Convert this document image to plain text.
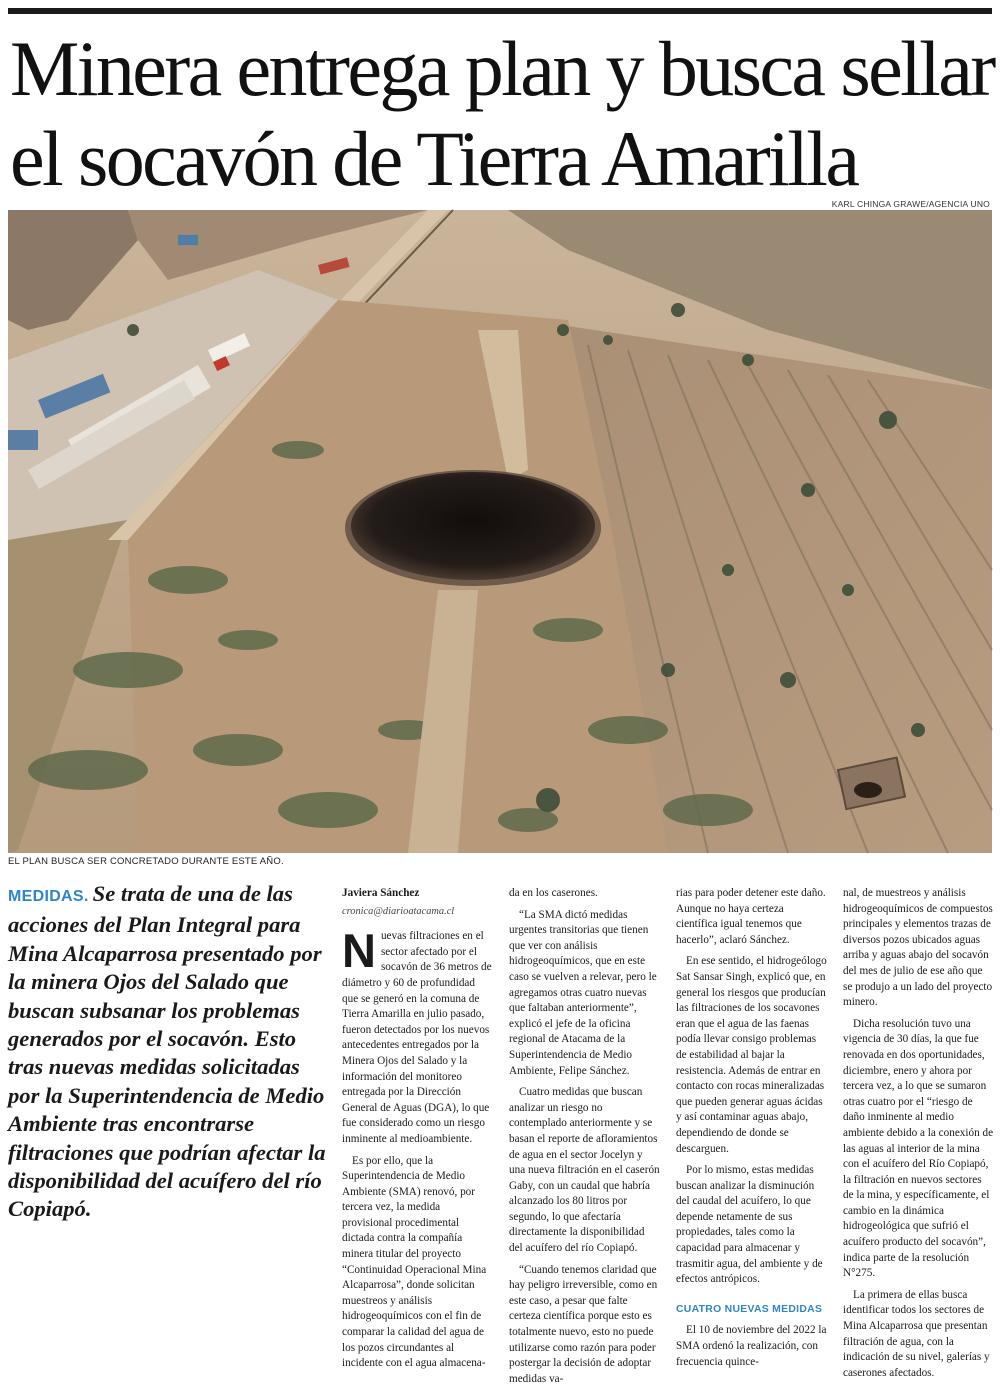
Minera entrega plan y busca sellar
el socavón de Tierra Amarilla
KARL CHINGA GRAWE/AGENCIA UNO
EL PLAN BUSCA SER CONCRETADO DURANTE ESTE AÑO.
MEDIDAS. Se trata de una de las acciones del Plan Integral para Mina Alcaparrosa presentado por la minera Ojos del Salado que buscan subsanar los problemas generados por el socavón. Esto tras nuevas medidas solicitadas por la Superintendencia de Medio Ambiente tras encontrarse filtraciones que podrían afectar la disponibilidad del acuífero del río Copiapó.

Javiera Sánchez

cronica@diarioatacama.cl

Nuevas filtraciones en el sector afectado por el socavón de 36 metros de diámetro y 60 de profundidad que se generó en la comuna de Tierra Amarilla en julio pasado, fueron detectados por los nuevos antecedentes entregados por la Minera Ojos del Salado y la información del monitoreo entregada por la Dirección General de Aguas (DGA), lo que fue considerado como un riesgo inminente al medioambiente.

Es por ello, que la Superintendencia de Medio Ambiente (SMA) renovó, por tercera vez, la medida provisional procedimental dictada contra la compañía minera titular del proyecto “Continuidad Operacional Mina Alcaparrosa”, donde solicitan muestreos y análisis hidrogeoquímicos con el fin de comparar la calidad del agua de los pozos circundantes al incidente con el agua almacena-

da en los caserones.

“La SMA dictó medidas urgentes transitorias que tienen que ver con análisis hidrogeoquímicos, que en este caso se vuelven a relevar, pero le agregamos otras cuatro nuevas que faltaban anteriormente”, explicó el jefe de la oficina regional de Atacama de la Superintendencia de Medio Ambiente, Felipe Sánchez.

Cuatro medidas que buscan analizar un riesgo no contemplado anteriormente y se basan el reporte de afloramientos de agua en el sector Jocelyn y una nueva filtración en el caserón Gaby, con un caudal que habría alcanzado los 80 litros por segundo, lo que afectaría directamente la disponibilidad del acuífero del río Copiapó.

“Cuando tenemos claridad que hay peligro irreversible, como en este caso, a pesar que falte certeza científica porque esto es totalmente nuevo, esto no puede utilizarse como razón para poder postergar la decisión de adoptar medidas va-

rias para poder detener este daño. Aunque no haya certeza científica igual tenemos que hacerlo”, aclaró Sánchez.

En ese sentido, el hidrogeólogo Sat Sansar Singh, explicó que, en general los riesgos que producían las filtraciones de los socavones eran que el agua de las faenas podía llevar consigo problemas de estabilidad al bajar la resistencia. Además de entrar en contacto con rocas mineralizadas que pueden generar aguas ácidas y así contaminar aguas abajo, dependiendo de donde se descarguen.

Por lo mismo, estas medidas buscan analizar la disminución del caudal del acuífero, lo que depende netamente de sus propiedades, tales como la capacidad para almacenar y trasmitir agua, del ambiente y de efectos antrópicos.

CUATRO NUEVAS MEDIDAS

El 10 de noviembre del 2022 la SMA ordenó la realización, con frecuencia quince-

nal, de muestreos y análisis hidrogeoquímicos de compuestos principales y elementos trazas de diversos pozos ubicados aguas arriba y aguas abajo del socavón del mes de julio de ese año que se produjo a un lado del proyecto minero.

Dicha resolución tuvo una vigencia de 30 días, la que fue renovada en dos oportunidades, diciembre, enero y ahora por tercera vez, a lo que se sumaron otras cuatro por el “riesgo de daño inminente al medio ambiente debido a la conexión de las aguas al interior de la mina con el acuífero del Río Copiapó, la filtración en nuevos sectores de la mina, y específicamente, el cambio en la dinámica hidrogeológica que sufrió el acuífero producto del socavón”, indica parte de la resolución N°275.

La primera de ellas busca identificar todos los sectores de Mina Alcaparrosa que presentan filtración de agua, con la indicación de su nivel, galerías y caserones afectados.
